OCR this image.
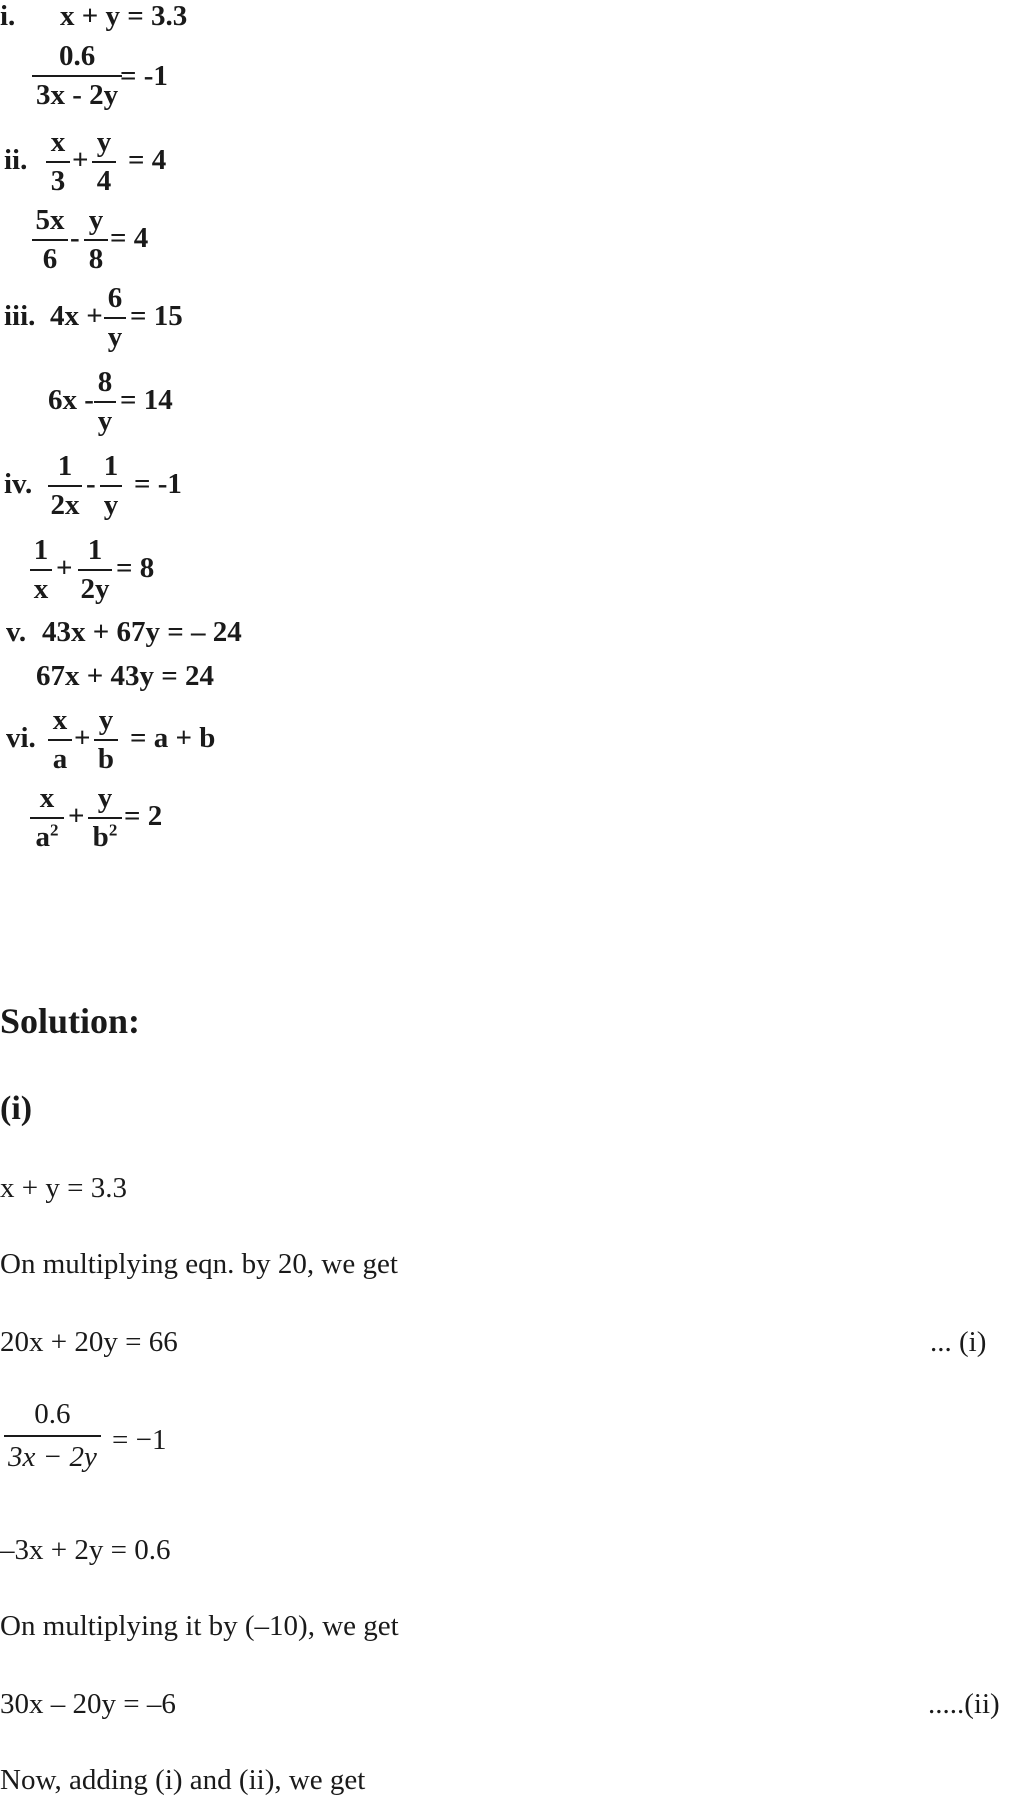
i. x + y = 3.3
0.6
3x - 2y
= -1
ii.
x
3
+
y
4
= 4
5x
6
-
y
8
= 4
iii. 4x +
6
y
= 15
6x -
8
y
= 14
iv.
1
2x
-
1
y
= -1
1
x
+
1
2y
= 8
v. 43x + 67y = – 24
67x + 43y = 24
vi.
x
a
+
y
b
= a + b
x
$a^2$ +
y
$b^2 = 2$
Solution:
(i)
x + y = 3.3
On multiplying eqn. by 20, we get
20x + 20y = 66	... (i)
0.6
3x − 2y
= −1
–3x + 2y = 0.6
On multiplying it by (–10), we get
30x – 20y = –6	.....(ii)
Now, adding (i) and (ii), we get
